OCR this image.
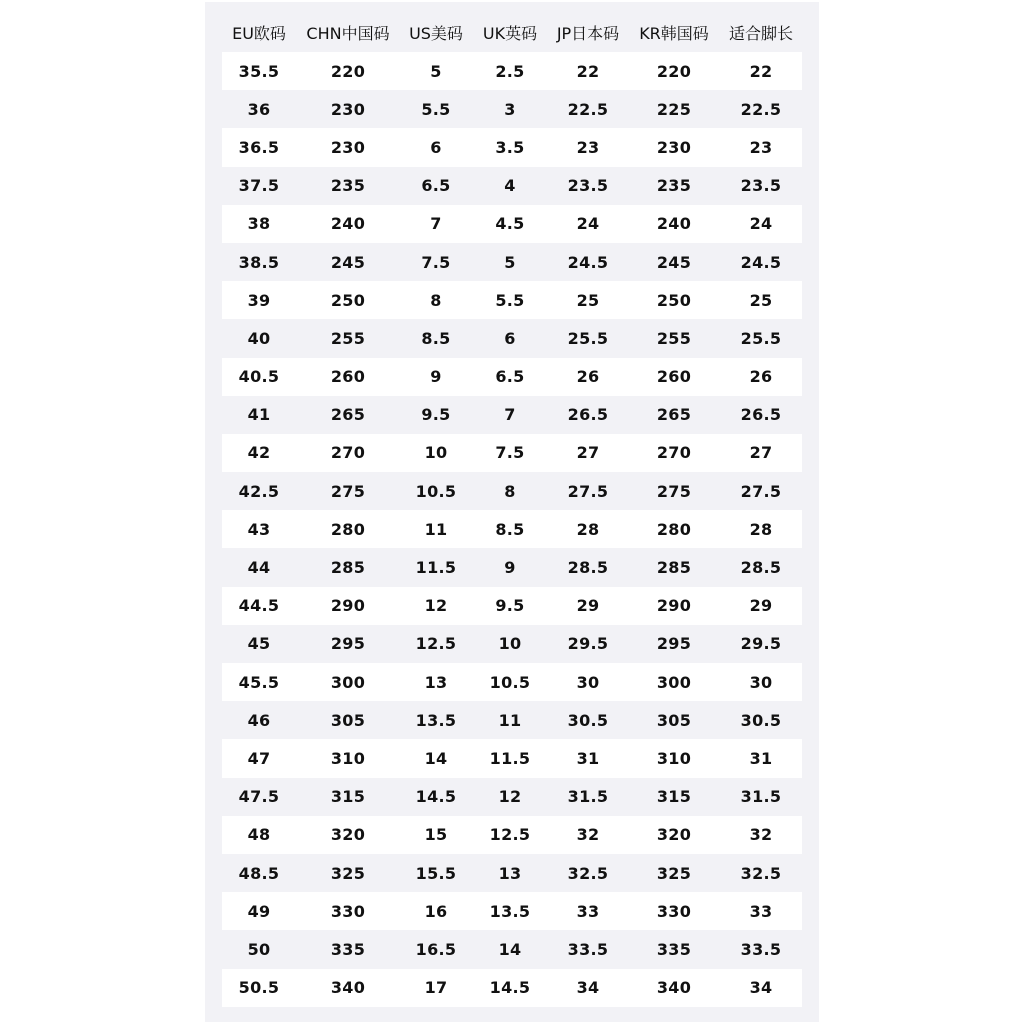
EU欧码	CHN中国码	US美码	UK英码	JP日本码	KR韩国码	适合脚长
35.5	220	5	2.5	22	220	22
36	230	5.5	3	22.5	225	22.5
36.5	230	6	3.5	23	230	23
37.5	235	6.5	4	23.5	235	23.5
38	240	7	4.5	24	240	24
38.5	245	7.5	5	24.5	245	24.5
39	250	8	5.5	25	250	25
40	255	8.5	6	25.5	255	25.5
40.5	260	9	6.5	26	260	26
41	265	9.5	7	26.5	265	26.5
42	270	10	7.5	27	270	27
42.5	275	10.5	8	27.5	275	27.5
43	280	11	8.5	28	280	28
44	285	11.5	9	28.5	285	28.5
44.5	290	12	9.5	29	290	29
45	295	12.5	10	29.5	295	29.5
45.5	300	13	10.5	30	300	30
46	305	13.5	11	30.5	305	30.5
47	310	14	11.5	31	310	31
47.5	315	14.5	12	31.5	315	31.5
48	320	15	12.5	32	320	32
48.5	325	15.5	13	32.5	325	32.5
49	330	16	13.5	33	330	33
50	335	16.5	14	33.5	335	33.5
50.5	340	17	14.5	34	340	34
